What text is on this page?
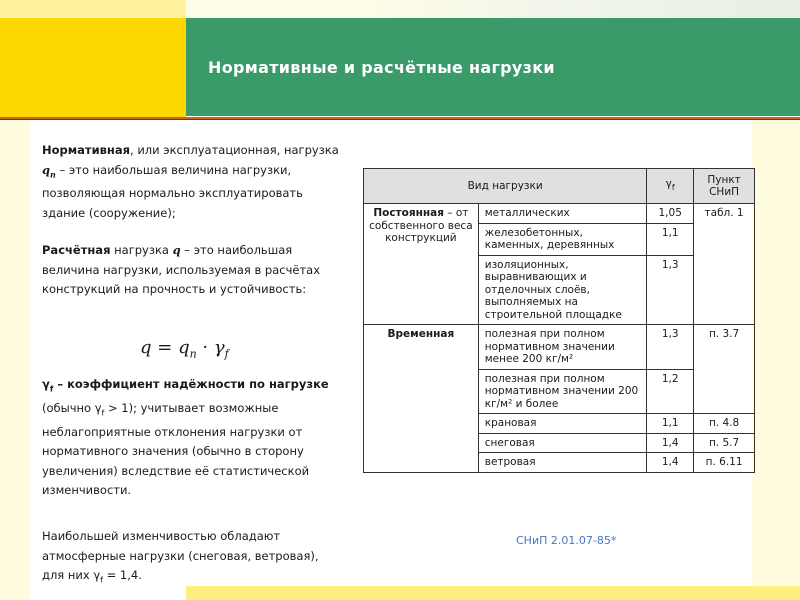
Нормативные и расчётные нагрузки
Нормативная, или эксплуатационная, нагрузка $q_n$ – это наибольшая величина нагрузки, позволяющая нормально эксплуатировать здание (сооружение);
Расчётная нагрузка q – это наибольшая величина нагрузки, используемая в расчётах конструкций на прочность и устойчивость:
$q = q_n \cdot \gamma_f$
$\gamma_f$ – коэффициент надёжности по нагрузке (обычно $\gamma_f > 1$); учитывает возможные неблагоприятные отклонения нагрузки от нормативного значения (обычно в сторону увеличения) вследствие её статистической изменчивости.
Наибольшей изменчивостью обладают атмосферные нагрузки (снеговая, ветровая), для них $\gamma_f = 1,4$.
Вид нагрузки		$\gamma_f$	Пункт СНиП
Постоянная – от собственного веса конструкций	металлических	1,05	табл. 1
	железобетонных, каменных, деревянных	1,1	
	изоляционных, выравнивающих и отделочных слоёв, выполняемых на строительной площадке	1,3	
Временная	полезная при полном нормативном значении менее 200 кг/м²	1,3	п. 3.7
	полезная при полном нормативном значении 200 кг/м² и более	1,2	
	крановая	1,1	п. 4.8
	снеговая	1,4	п. 5.7
	ветровая	1,4	п. 6.11
СНиП 2.01.07-85*
